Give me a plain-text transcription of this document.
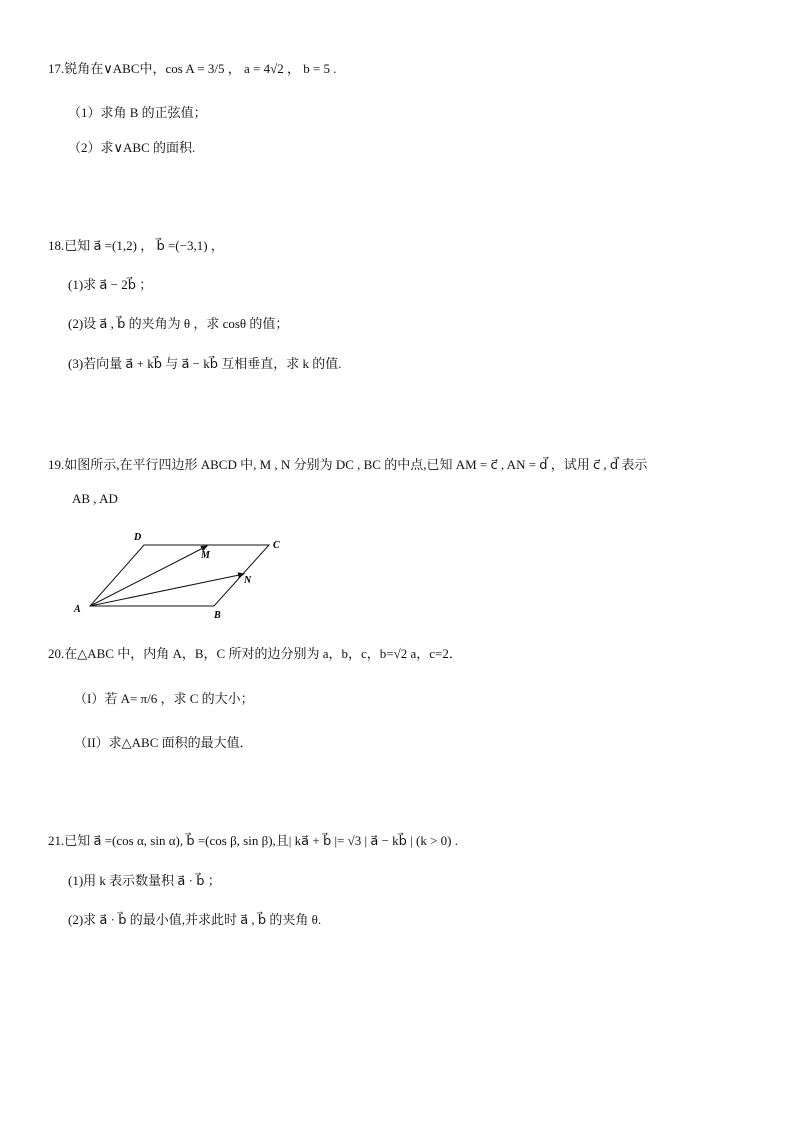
17.锐角在∨ABC中，cos A = 3/5 ， a = 4√2 ， b = 5 .
（1）求角 B 的正弦值；
（2）求∨ABC 的面积.
18.已知 a⃗ =(1,2) ， b⃗ =(−3,1) ，
(1)求 a⃗ − 2b⃗ ；
(2)设 a⃗ , b⃗ 的夹角为 θ ，求 cosθ 的值；
(3)若向量 a⃗ + kb⃗ 与 a⃗ − kb⃗ 互相垂直，求 k 的值.
19.如图所示,在平行四边形 ABCD 中, M , N 分别为 DC , BC 的中点,已知 AM = c⃗ , AN = d⃗ ，试用 c⃗ , d⃗ 表示
AB , AD
A
B
C
D
M
N
20.在△ABC 中，内角 A，B，C 所对的边分别为 a，b，c，b=√2 a，c=2．
（I）若 A= π/6 ，求 C 的大小；
（II）求△ABC 面积的最大值．
21.已知 a⃗ =(cos α, sin α), b⃗ =(cos β, sin β),且| ka⃗ + b⃗ |= √3 | a⃗ − kb⃗ | (k > 0) .
(1)用 k 表示数量积 a⃗ · b⃗ ；
(2)求 a⃗ · b⃗ 的最小值,并求此时 a⃗ , b⃗ 的夹角 θ.
